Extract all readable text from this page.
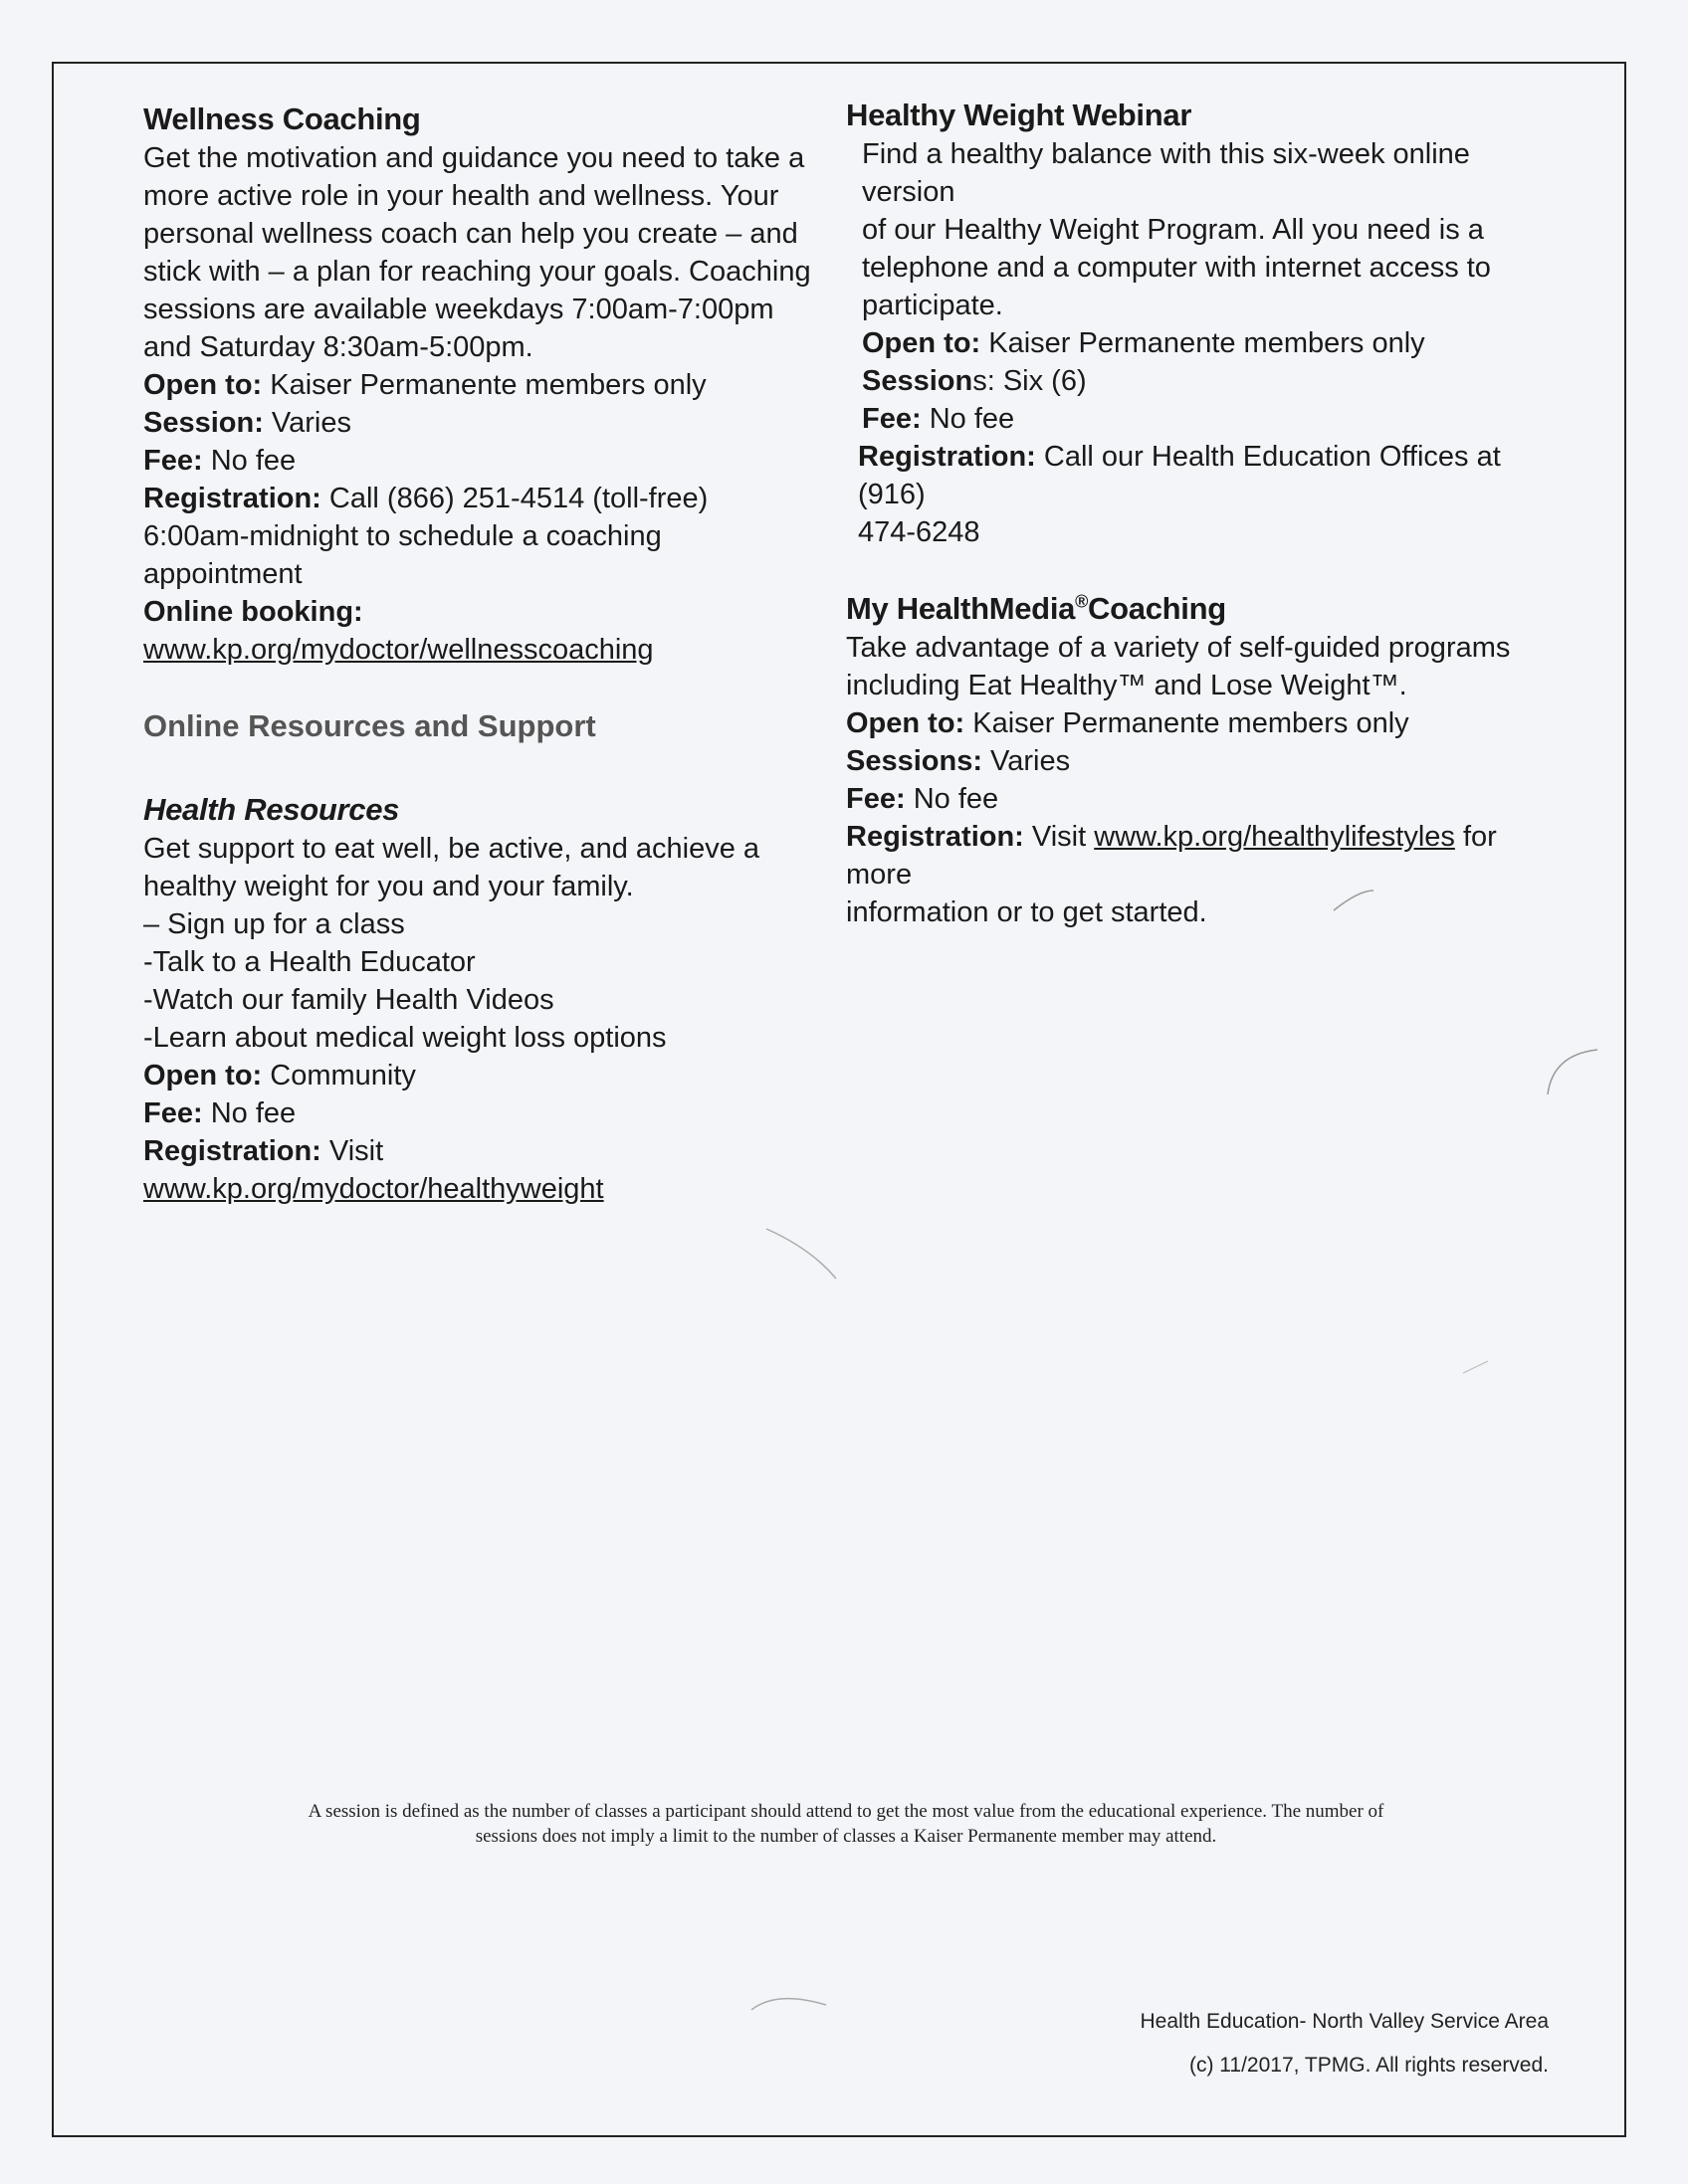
Wellness Coaching
Get the motivation and guidance you need to take a
more active role in your health and wellness. Your
personal wellness coach can help you create – and
stick with – a plan for reaching your goals. Coaching
sessions are available weekdays 7:00am-7:00pm
and Saturday 8:30am-5:00pm.
Open to: Kaiser Permanente members only
Session: Varies
Fee: No fee
Registration: Call (866) 251-4514 (toll-free)
6:00am-midnight to schedule a coaching
appointment
Online booking:
www.kp.org/mydoctor/wellnesscoaching
Online Resources and Support
Health Resources
Get support to eat well, be active, and achieve a
healthy weight for you and your family.
– Sign up for a class
-Talk to a Health Educator
-Watch our family Health Videos
-Learn about medical weight loss options
Open to: Community
Fee: No fee
Registration: Visit
www.kp.org/mydoctor/healthyweight
Healthy Weight Webinar
Find a healthy balance with this six-week online version
of our Healthy Weight Program. All you need is a
telephone and a computer with internet access to
participate.
Open to: Kaiser Permanente members only
Sessions: Six (6)
Fee: No fee
Registration: Call our Health Education Offices at (916)
474-6248
My HealthMedia®Coaching
Take advantage of a variety of self-guided programs
including Eat Healthy™ and Lose Weight™.
Open to: Kaiser Permanente members only
Sessions: Varies
Fee: No fee
Registration: Visit www.kp.org/healthylifestyles for more
information or to get started.
A session is defined as the number of classes a participant should attend to get the most value from the educational experience. The number of
sessions does not imply a limit to the number of classes a Kaiser Permanente member may attend.
Health Education- North Valley Service Area
(c) 11/2017, TPMG. All rights reserved.
